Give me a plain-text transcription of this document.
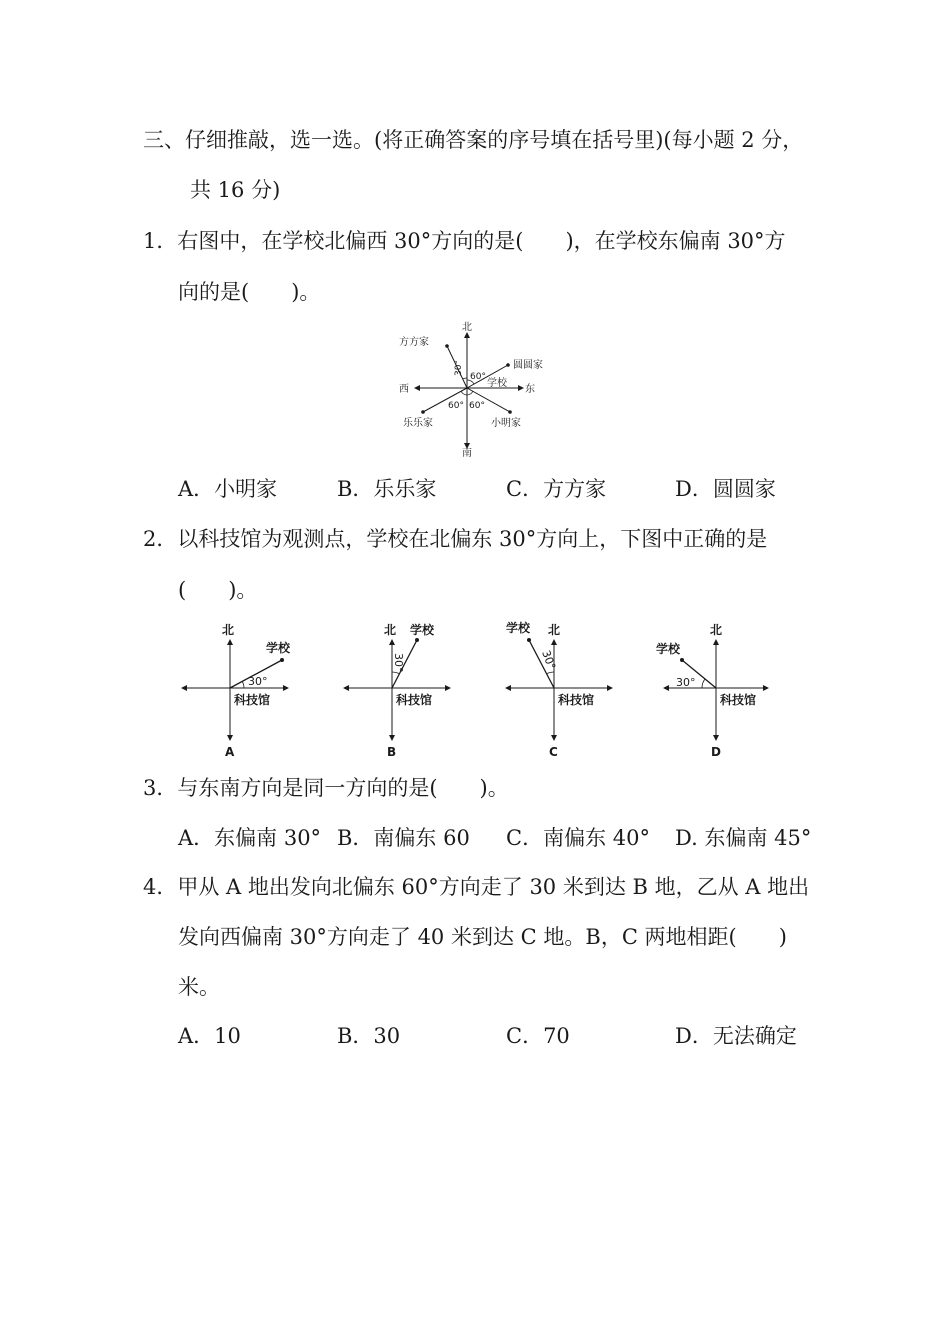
三、仔细推敲，选一选。(将正确答案的序号填在括号里)(每小题 2 分，
共 16 分)
1．右图中，在学校北偏西 30°方向的是(　　)，在学校东偏南 30°方
向的是(　　)。
北
南
西	东
学校
方方家
圆圆家
乐乐家	小明家
30°
60°
60° 60°
A．小明家	B．乐乐家	C．方方家	D．圆圆家
2．以科技馆为观测点，学校在北偏东 30°方向上，下图中正确的是
(　　)。
北
学校
30°
科技馆
A
北 学校
30°
科技馆
B
北
学校
30°
科技馆
C
北
学校
30°
科技馆
D
3．与东南方向是同一方向的是(　　)。
A．东偏南 30° B．南偏东 60 C．南偏东 40° D. 东偏南 45°
4．甲从 A 地出发向北偏东 60°方向走了 30 米到达 B 地，乙从 A 地出
发向西偏南 30°方向走了 40 米到达 C 地。B，C 两地相距(　　)
米。
A．10	B．30	C．70	D．无法确定
